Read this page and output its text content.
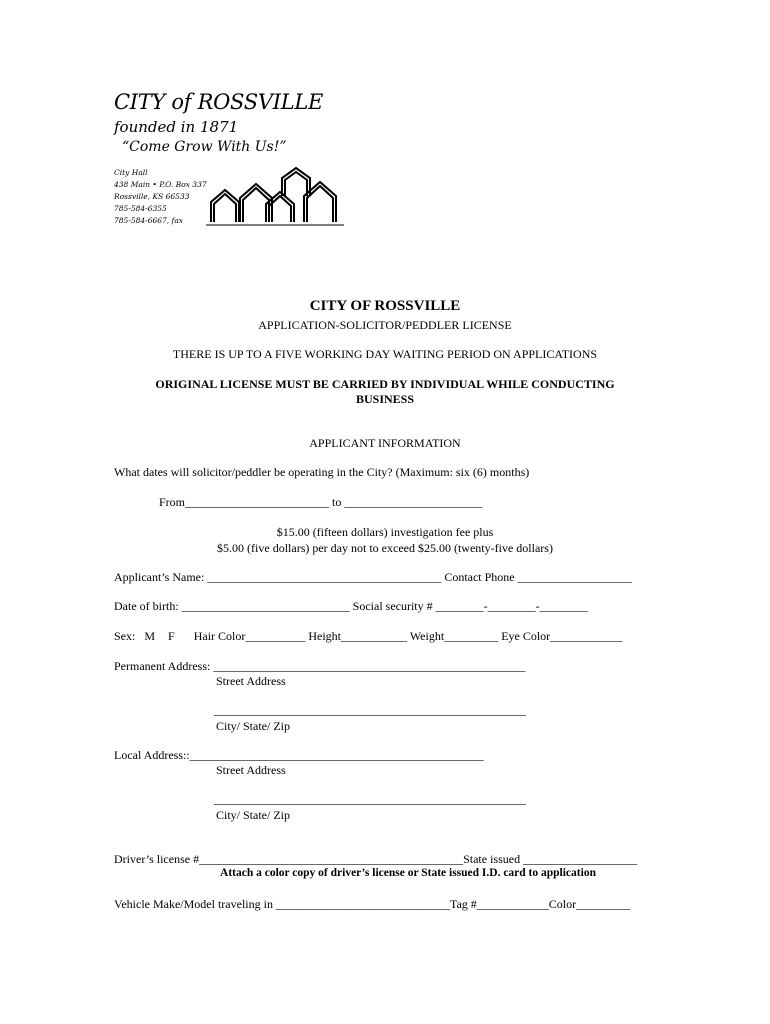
CITY of ROSSVILLE
founded in 1871
“Come Grow With Us!”
City Hall
438 Main • P.O. Box 337
Rossville, KS 66533
785-584-6355
785-584-6667, fax
CITY OF ROSSVILLE
APPLICATION-SOLICITOR/PEDDLER LICENSE
THERE IS UP TO A FIVE WORKING DAY WAITING PERIOD ON APPLICATIONS
ORIGINAL LICENSE MUST BE CARRIED BY INDIVIDUAL WHILE CONDUCTING
BUSINESS
APPLICANT INFORMATION
What dates will solicitor/peddler be operating in the City? (Maximum: six (6) months)
From________________________ to _______________________
$15.00 (fifteen dollars) investigation fee plus
$5.00 (five dollars) per day not to exceed $25.00 (twenty-five dollars)
Applicant’s Name: _______________________________________ Contact Phone ___________________
Date of birth: ____________________________ Social security # ________-________-________
Sex: M F Hair Color__________ Height___________ Weight_________ Eye Color____________
Permanent Address: ____________________________________________________
Street Address
____________________________________________________
City/ State/ Zip
Local Address::_________________________________________________
Street Address
____________________________________________________
City/ State/ Zip
Driver’s license #____________________________________________State issued ___________________
Attach a color copy of driver’s license or State issued I.D. card to application
Vehicle Make/Model traveling in _____________________________Tag #____________Color_________
